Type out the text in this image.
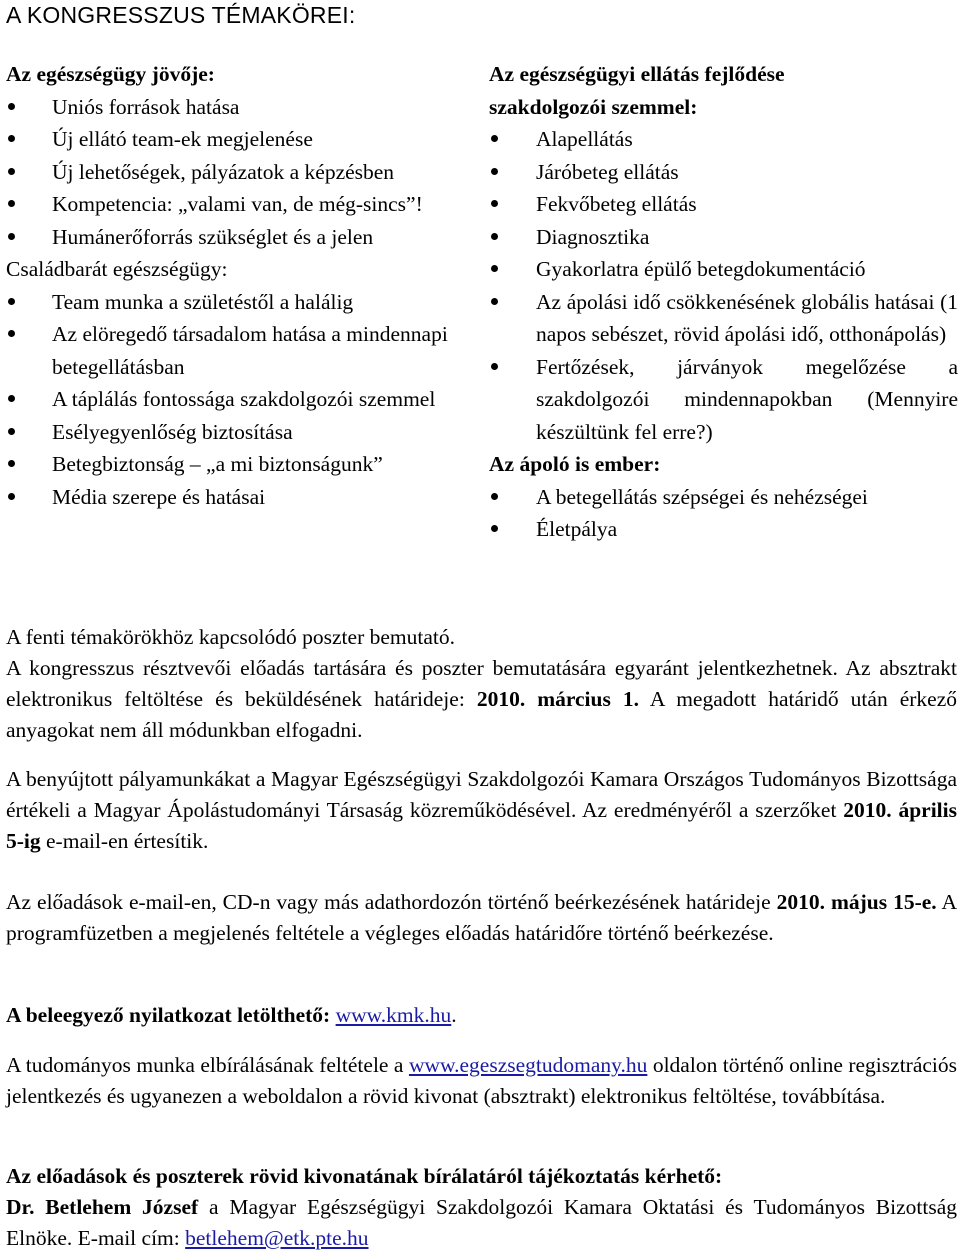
A KONGRESSZUS TÉMAKÖREI:
Az egészségügy jövője:
Uniós források hatása
Új ellátó team-ek megjelenése
Új lehetőségek, pályázatok a képzésben
Kompetencia: „valami van, de még-sincs”!
Humánerőforrás szükséglet és a jelen
Családbarát egészségügy:
Team munka a születéstől a halálig
Az elöregedő társadalom hatása a mindennapi betegellátásban
A táplálás fontossága szakdolgozói szemmel
Esélyegyenlőség biztosítása
Betegbiztonság – „a mi biztonságunk”
Média szerepe és hatásai
Az egészségügyi ellátás fejlődése szakdolgozói szemmel:
Alapellátás
Járóbeteg ellátás
Fekvőbeteg ellátás
Diagnosztika
Gyakorlatra épülő betegdokumentáció
Az ápolási idő csökkenésének globális hatásai (1 napos sebészet, rövid ápolási idő, otthonápolás)
Fertőzések, járványok megelőzése a szakdolgozói mindennapokban (Mennyire készültünk fel erre?)
Az ápoló is ember:
A betegellátás szépségei és nehézségei
Életpálya

A fenti témakörökhöz kapcsolódó poszter bemutató.

A kongresszus résztvevői előadás tartására és poszter bemutatására egyaránt jelentkezhetnek. Az absztrakt elektronikus feltöltése és beküldésének határideje: 2010. március 1. A megadott határidő után érkező anyagokat nem áll módunkban elfogadni.

A benyújtott pályamunkákat a Magyar Egészségügyi Szakdolgozói Kamara Országos Tudományos Bizottsága értékeli a Magyar Ápolástudományi Társaság közreműködésével. Az eredményéről a szerzőket 2010. április 5-ig e-mail-en értesítik.

Az előadások e-mail-en, CD-n vagy más adathordozón történő beérkezésének határideje 2010. május 15-e. A programfüzetben a megjelenés feltétele a végleges előadás határidőre történő beérkezése.

A beleegyező nyilatkozat letölthető: www.kmk.hu.

A tudományos munka elbírálásának feltétele a www.egeszsegtudomany.hu oldalon történő online regisztrációs jelentkezés és ugyanezen a weboldalon a rövid kivonat (absztrakt) elektronikus feltöltése, továbbítása.

Az előadások és poszterek rövid kivonatának bírálatáról tájékoztatás kérhető:

Dr. Betlehem József a Magyar Egészségügyi Szakdolgozói Kamara Oktatási és Tudományos Bizottság Elnöke. E-mail cím: betlehem@etk.pte.hu
